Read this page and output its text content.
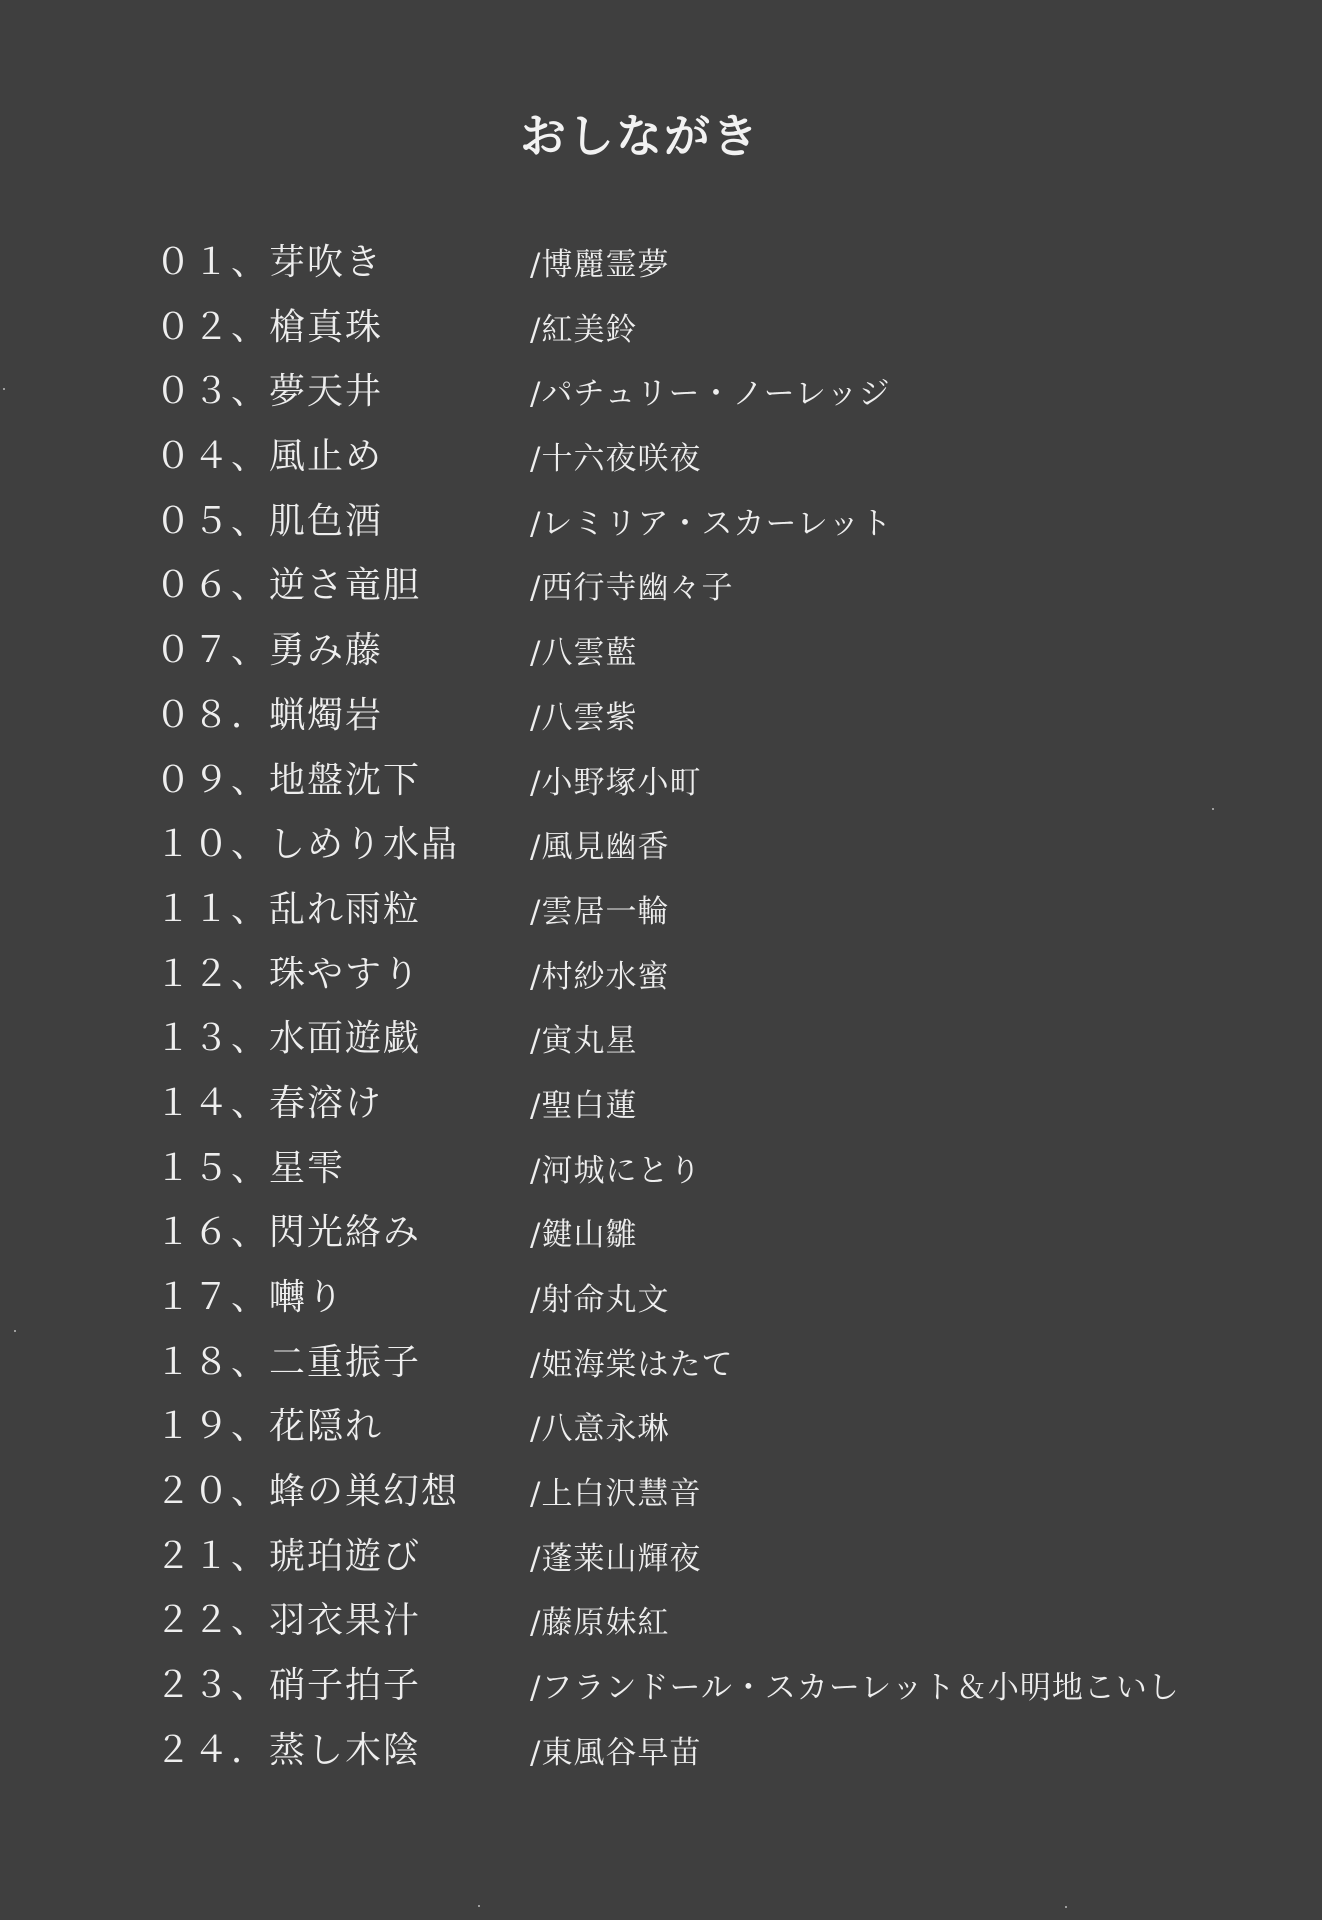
おしながき
０１、芽吹き	/博麗霊夢
０２、槍真珠	/紅美鈴
０３、夢天井	/パチュリー・ノーレッジ
０４、風止め	/十六夜咲夜
０５、肌色酒	/レミリア・スカーレット
０６、逆さ竜胆	/西行寺幽々子
０７、勇み藤	/八雲藍
０８．蝋燭岩	/八雲紫
０９、地盤沈下	/小野塚小町
１０、しめり水晶 /風見幽香
１１、乱れ雨粒	/雲居一輪
１２、珠やすり	/村紗水蜜
１３、水面遊戯	/寅丸星
１４、春溶け	/聖白蓮
１５、星雫	/河城にとり
１６、閃光絡み	/鍵山雛
１７、囀り	/射命丸文
１８、二重振子	/姫海棠はたて
１９、花隠れ	/八意永琳
２０、蜂の巣幻想 /上白沢慧音
２１、琥珀遊び	/蓬莱山輝夜
２２、羽衣果汁	/藤原妹紅
２３、硝子拍子	/フランドール・スカーレット＆小明地こいし
２４．蒸し木陰	/東風谷早苗
